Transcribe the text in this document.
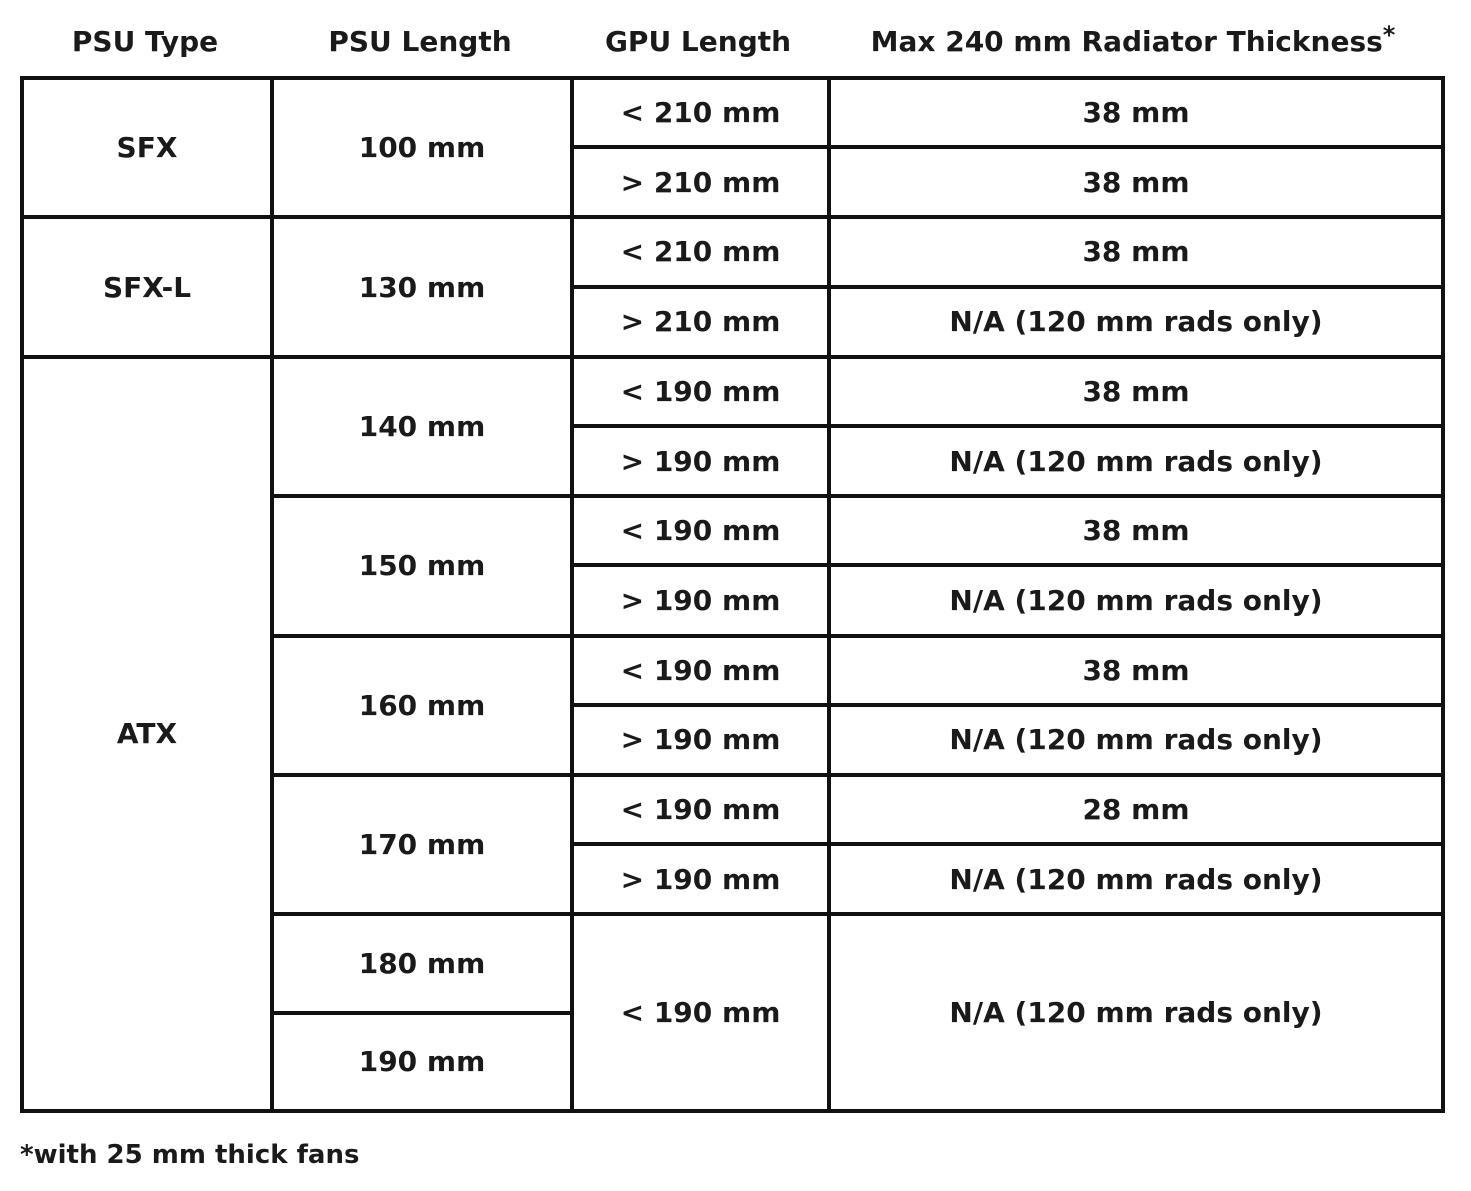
PSU Type	PSU Length	GPU Length	Max 240 mm Radiator Thickness*
SFX	100 mm	< 210 mm	38 mm
		> 210 mm	38 mm
SFX-L	130 mm	< 210 mm	38 mm
		> 210 mm	N/A (120 mm rads only)
ATX	140 mm	< 190 mm	38 mm
		> 190 mm	N/A (120 mm rads only)
	150 mm	< 190 mm	38 mm
		> 190 mm	N/A (120 mm rads only)
	160 mm	< 190 mm	38 mm
		> 190 mm	N/A (120 mm rads only)
	170 mm	< 190 mm	28 mm
		> 190 mm	N/A (120 mm rads only)
	180 mm	< 190 mm	N/A (120 mm rads only)
	190 mm		
*with 25 mm thick fans
